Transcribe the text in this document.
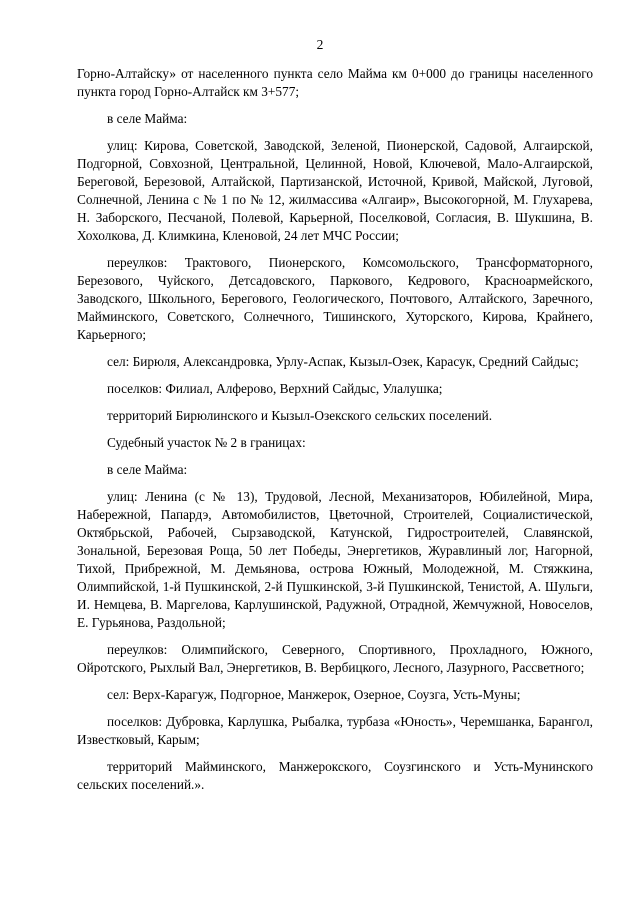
2

Горно-Алтайску» от населенного пункта село Майма км 0+000 до границы населенного пункта город Горно-Алтайск км 3+577;

в селе Майма:

улиц: Кирова, Советской, Заводской, Зеленой, Пионерской, Садовой, Алгаирской, Подгорной, Совхозной, Центральной, Целинной, Новой, Ключевой, Мало-Алгаирской, Береговой, Березовой, Алтайской, Партизанской, Источной, Кривой, Майской, Луговой, Солнечной, Ленина с № 1 по № 12, жилмассива «Алгаир», Высокогорной, М. Глухарева, Н. Заборского, Песчаной, Полевой, Карьерной, Поселковой, Согласия, В. Шукшина, В. Хохолкова, Д. Климкина, Кленовой, 24 лет МЧС России;

переулков: Трактового, Пионерского, Комсомольского, Трансформаторного, Березового, Чуйского, Детсадовского, Паркового, Кедрового, Красноармейского, Заводского, Школьного, Берегового, Геологического, Почтового, Алтайского, Заречного, Майминского, Советского, Солнечного, Тишинского, Хуторского, Кирова, Крайнего, Карьерного;

сел: Бирюля, Александровка, Урлу-Аспак, Кызыл-Озек, Карасук, Средний Сайдыс;

поселков: Филиал, Алферово, Верхний Сайдыс, Улалушка;

территорий Бирюлинского и Кызыл-Озекского сельских поселений.

Судебный участок № 2 в границах:

в селе Майма:

улиц: Ленина (с № 13), Трудовой, Лесной, Механизаторов, Юбилейной, Мира, Набережной, Папардэ, Автомобилистов, Цветочной, Строителей, Социалистической, Октябрьской, Рабочей, Сырзаводской, Катунской, Гидростроителей, Славянской, Зональной, Березовая Роща, 50 лет Победы, Энергетиков, Журавлиный лог, Нагорной, Тихой, Прибрежной, М. Демьянова, острова Южный, Молодежной, М. Стяжкина, Олимпийской, 1-й Пушкинской, 2-й Пушкинской, 3-й Пушкинской, Тенистой, А. Шульги, И. Немцева, В. Маргелова, Карлушинской, Радужной, Отрадной, Жемчужной, Новоселов, Е. Гурьянова, Раздольной;

переулков: Олимпийского, Северного, Спортивного, Прохладного, Южного, Ойротского, Рыхлый Вал, Энергетиков, В. Вербицкого, Лесного, Лазурного, Рассветного;

сел: Верх-Карагуж, Подгорное, Манжерок, Озерное, Соузга, Усть-Муны;

поселков: Дубровка, Карлушка, Рыбалка, турбаза «Юность», Черемшанка, Барангол, Известковый, Карым;

территорий Майминского, Манжерокского, Соузгинского и Усть-Мунинского сельских поселений.».
